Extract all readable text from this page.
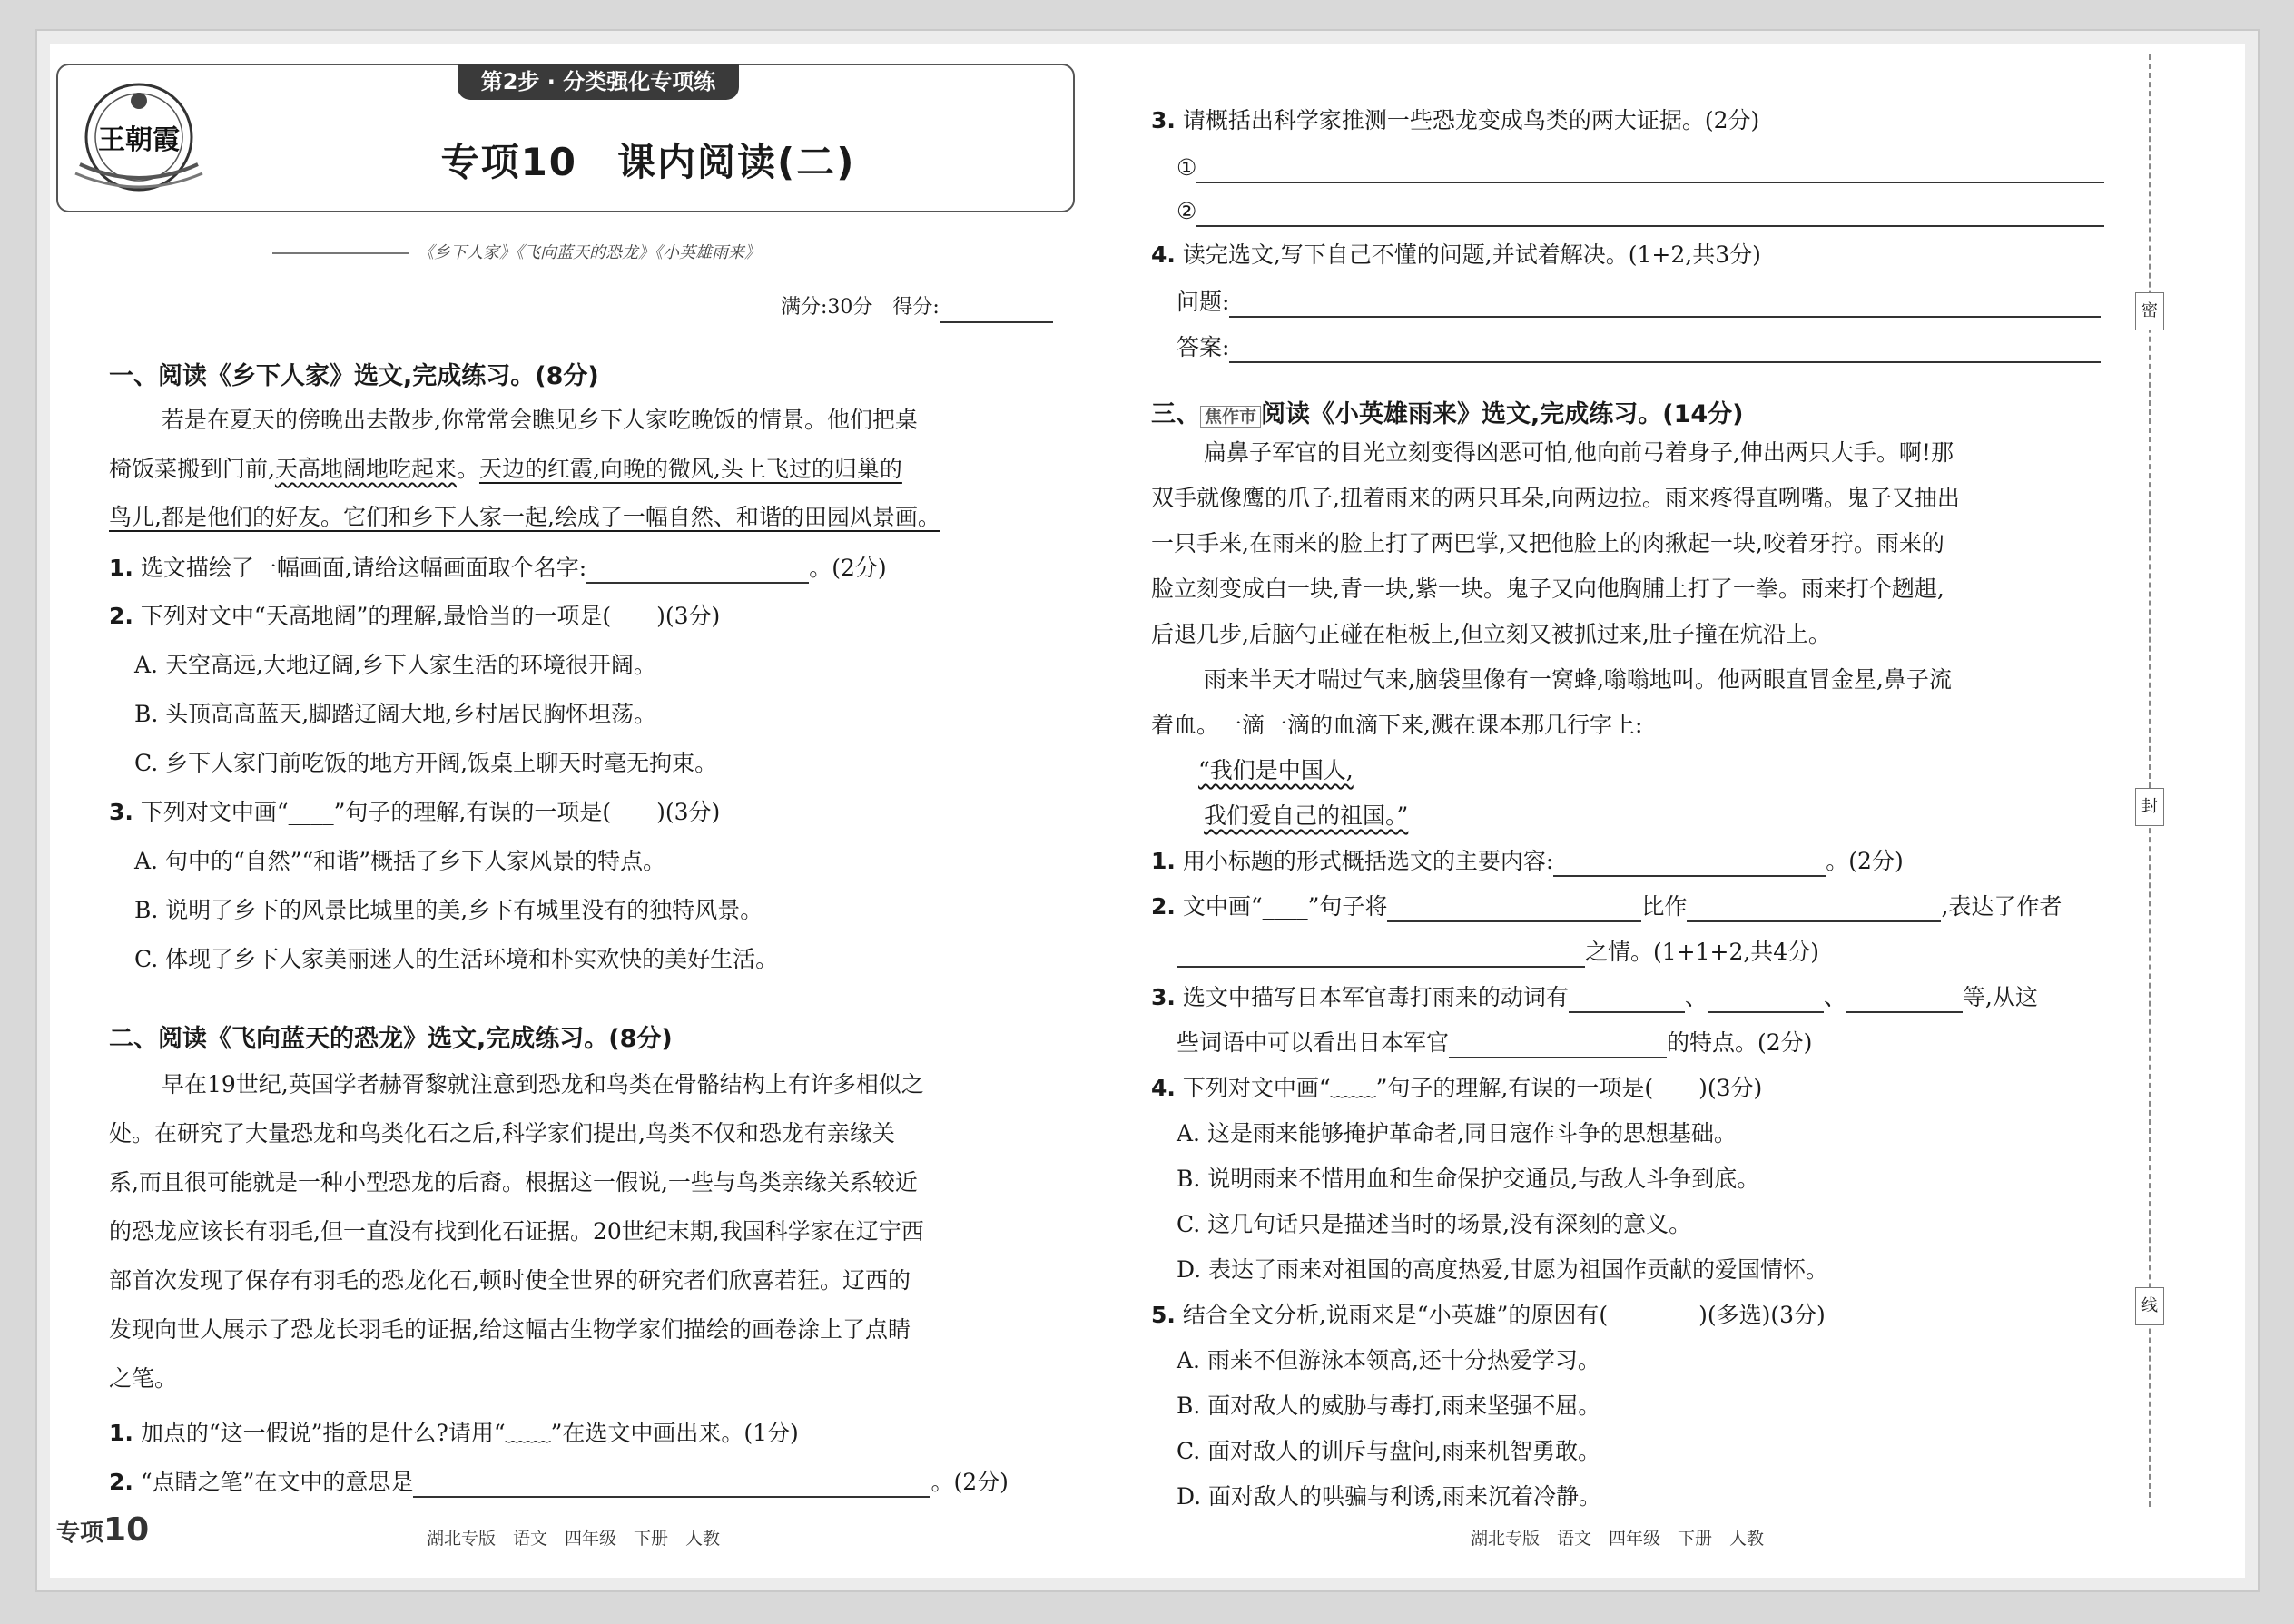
第2步 · 分类强化专项练
王朝霞	专项10　课内阅读(二)
《乡下人家》《飞向蓝天的恐龙》《小英雄雨来》
满分:30分　得分:
一、阅读《乡下人家》选文,完成练习。(8分)
若是在夏天的傍晚出去散步,你常常会瞧见乡下人家吃晚饭的情景。他们把桌
椅饭菜搬到门前,天高地阔地吃起来。天边的红霞,向晚的微风,头上飞过的归巢的
鸟儿,都是他们的好友。它们和乡下人家一起,绘成了一幅自然、和谐的田园风景画。
1. 选文描绘了一幅画面,请给这幅画面取个名字:	。(2分)
2. 下列对文中“天高地阔”的理解,最恰当的一项是(　　)(3分)
A. 天空高远,大地辽阔,乡下人家生活的环境很开阔。
B. 头顶高高蓝天,脚踏辽阔大地,乡村居民胸怀坦荡。
C. 乡下人家门前吃饭的地方开阔,饭桌上聊天时毫无拘束。
3. 下列对文中画“____”句子的理解,有误的一项是(　　)(3分)
A. 句中的“自然”“和谐”概括了乡下人家风景的特点。
B. 说明了乡下的风景比城里的美,乡下有城里没有的独特风景。
C. 体现了乡下人家美丽迷人的生活环境和朴实欢快的美好生活。
二、阅读《飞向蓝天的恐龙》选文,完成练习。(8分)
早在19世纪,英国学者赫胥黎就注意到恐龙和鸟类在骨骼结构上有许多相似之
处。在研究了大量恐龙和鸟类化石之后,科学家们提出,鸟类不仅和恐龙有亲缘关
系,而且很可能就是一种小型恐龙的后裔。根据这一假说,一些与鸟类亲缘关系较近
的恐龙应该长有羽毛,但一直没有找到化石证据。20世纪末期,我国科学家在辽宁西
部首次发现了保存有羽毛的恐龙化石,顿时使全世界的研究者们欣喜若狂。辽西的
发现向世人展示了恐龙长羽毛的证据,给这幅古生物学家们描绘的画卷涂上了点睛
之笔。
1. 加点的“这一假说”指的是什么?请用“﹏﹏”在选文中画出来。(1分)
2. “点睛之笔”在文中的意思是	。(2分)
3. 请概括出科学家推测一些恐龙变成鸟类的两大证据。(2分)
①
②
4. 读完选文,写下自己不懂的问题,并试着解决。(1+2,共3分)
问题:
答案:
三、 焦作市 阅读《小英雄雨来》选文,完成练习。(14分)
扁鼻子军官的目光立刻变得凶恶可怕,他向前弓着身子,伸出两只大手。啊!那
双手就像鹰的爪子,扭着雨来的两只耳朵,向两边拉。雨来疼得直咧嘴。鬼子又抽出
一只手来,在雨来的脸上打了两巴掌,又把他脸上的肉揪起一块,咬着牙拧。雨来的
脸立刻变成白一块,青一块,紫一块。鬼子又向他胸脯上打了一拳。雨来打个趔趄,
后退几步,后脑勺正碰在柜板上,但立刻又被抓过来,肚子撞在炕沿上。
雨来半天才喘过气来,脑袋里像有一窝蜂,嗡嗡地叫。他两眼直冒金星,鼻子流
着血。一滴一滴的血滴下来,溅在课本那几行字上:
“我们是中国人,
我们爱自己的祖国。”
1. 用小标题的形式概括选文的主要内容:	。(2分)
2. 文中画“____”句子将	比作	,表达了作者
之情。(1+1+2,共4分)
3. 选文中描写日本军官毒打雨来的动词有	、	、	等,从这
些词语中可以看出日本军官	的特点。(2分)
4. 下列对文中画“﹏﹏”句子的理解,有误的一项是(　　)(3分)
A. 这是雨来能够掩护革命者,同日寇作斗争的思想基础。
B. 说明雨来不惜用血和生命保护交通员,与敌人斗争到底。
C. 这几句话只是描述当时的场景,没有深刻的意义。
D. 表达了雨来对祖国的高度热爱,甘愿为祖国作贡献的爱国情怀。
5. 结合全文分析,说雨来是“小英雄”的原因有(　　　　)(多选)(3分)
A. 雨来不但游泳本领高,还十分热爱学习。
B. 面对敌人的威胁与毒打,雨来坚强不屈。
C. 面对敌人的训斥与盘问,雨来机智勇敢。
D. 面对敌人的哄骗与利诱,雨来沉着冷静。
密
封
线
专项10	湖北专版　语文　四年级　下册　人教	湖北专版　语文　四年级　下册　人教
